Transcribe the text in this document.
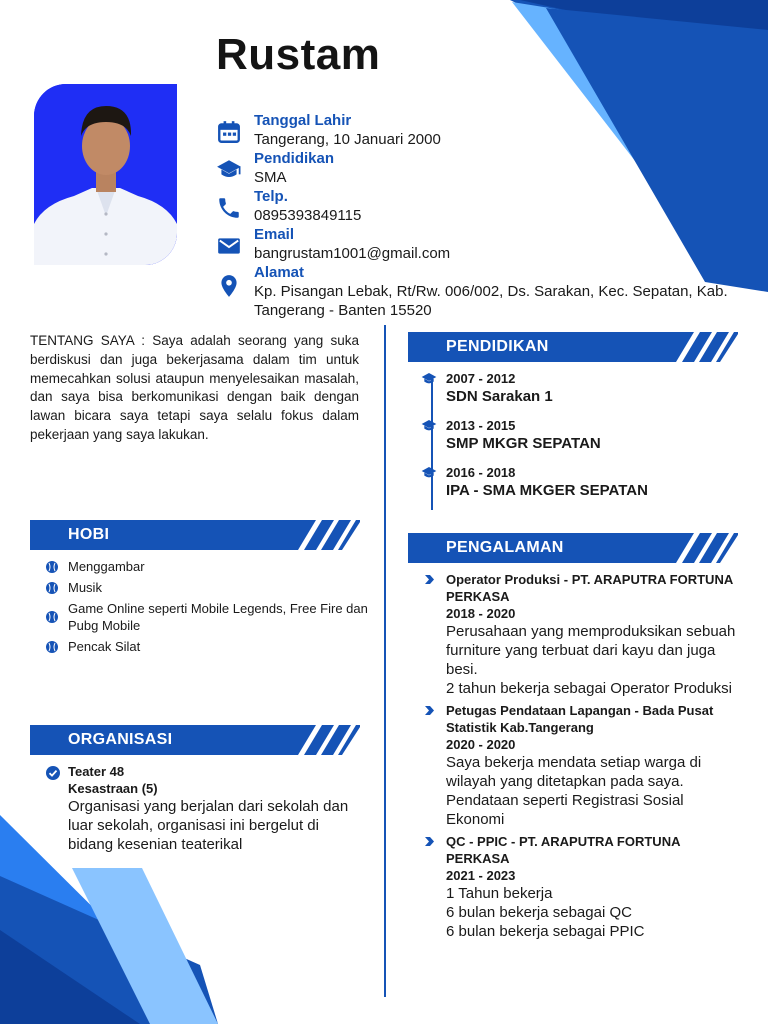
Rustam
Tanggal Lahir
Tangerang, 10 Januari 2000
Pendidikan
SMA
Telp.
0895393849115
Email
bangrustam1001@gmail.com
Alamat
Kp. Pisangan Lebak, Rt/Rw. 006/002, Ds. Sarakan, Kec. Sepatan, Kab. Tangerang - Banten 15520
TENTANG SAYA : Saya adalah seorang yang suka berdiskusi dan juga bekerjasama dalam tim untuk memecahkan solusi ataupun menyelesaikan masalah, dan saya bisa berkomunikasi dengan baik dengan lawan bicara saya tetapi saya selalu fokus dalam pekerjaan yang saya lakukan.
HOBI
Menggambar
Musik
Game Online seperti Mobile Legends, Free Fire dan Pubg Mobile
Pencak Silat
ORGANISASI
Teater 48
Kesastraan (5)
Organisasi yang berjalan dari sekolah dan luar sekolah, organisasi ini bergelut di bidang kesenian teaterikal
PENDIDIKAN
2007 - 2012
SDN Sarakan 1
2013 - 2015
SMP MKGR SEPATAN
2016 - 2018
IPA - SMA MKGER SEPATAN
PENGALAMAN
Operator Produksi - PT. ARAPUTRA FORTUNA PERKASA
2018 - 2020
Perusahaan yang memproduksikan sebuah furniture yang terbuat dari kayu dan juga besi.
2 tahun bekerja sebagai Operator Produksi
Petugas Pendataan Lapangan - Bada Pusat Statistik Kab.Tangerang
2020 - 2020
Saya bekerja mendata setiap warga di wilayah yang ditetapkan pada saya. Pendataan seperti Registrasi Sosial Ekonomi
QC - PPIC - PT. ARAPUTRA FORTUNA PERKASA
2021 - 2023
1 Tahun bekerja
6 bulan bekerja sebagai QC
6 bulan bekerja sebagai PPIC
